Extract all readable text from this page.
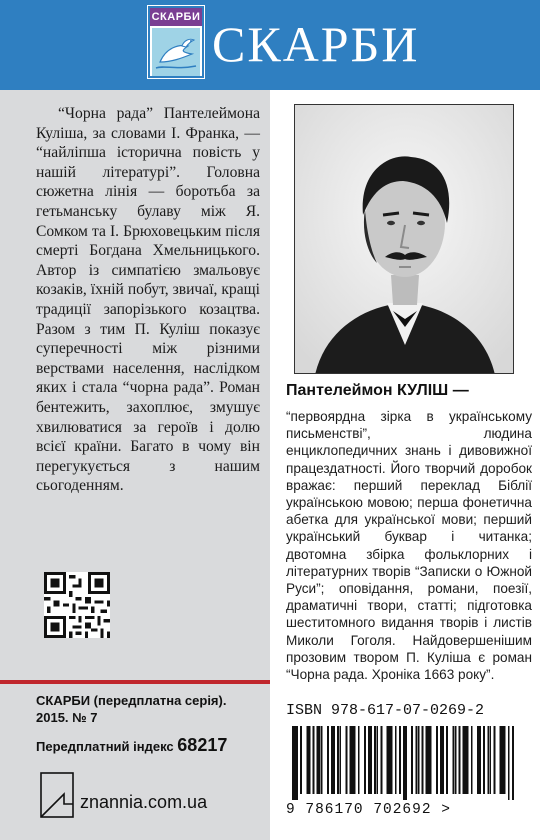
СКАРБИ СКАРБИ

“Чорна рада” Пантелеймона Куліша, за словами І. Франка, — “найліпша історична повість у нашій літературі”. Головна сюжетна лінія — боротьба за гетьманську булаву між Я. Сомком та І. Брюховецьким після смерті Богдана Хмельницького. Автор із симпатією змальовує козаків, їхній побут, звичаї, кращі традиції запорізького козацтва. Разом з тим П. Куліш показує суперечності між різними верствами населення, наслідком яких і стала “чорна рада”. Роман бентежить, захоплює, змушує хвилюватися за героїв і долю всієї країни. Багато в чому він перегукується з нашим сьогоденням.

СКАРБИ (передплатна серія).
2015. № 7
Передплатний індекс 68217
znannia.com.ua
Пантелеймон КУЛІШ —

“первоярдна зірка в українському письменстві”, людина енциклопедичних знань і дивовижної працездатності. Його творчий доробок вражає: перший переклад Біблії українською мовою; перша фонетична абетка для української мови; перший український буквар і читанка; двотомна збірка фольклорних і літературних творів “Записки о Южной Руси”; оповідання, романи, поезії, драматичні твори, статті; підготовка шеститомного видання творів і листів Миколи Гоголя. Найдовершенішим прозовим твором П. Куліша є роман “Чорна рада. Хроніка 1663 року”.

ISBN 978-617-07-0269-2
9 786170 702692 >
